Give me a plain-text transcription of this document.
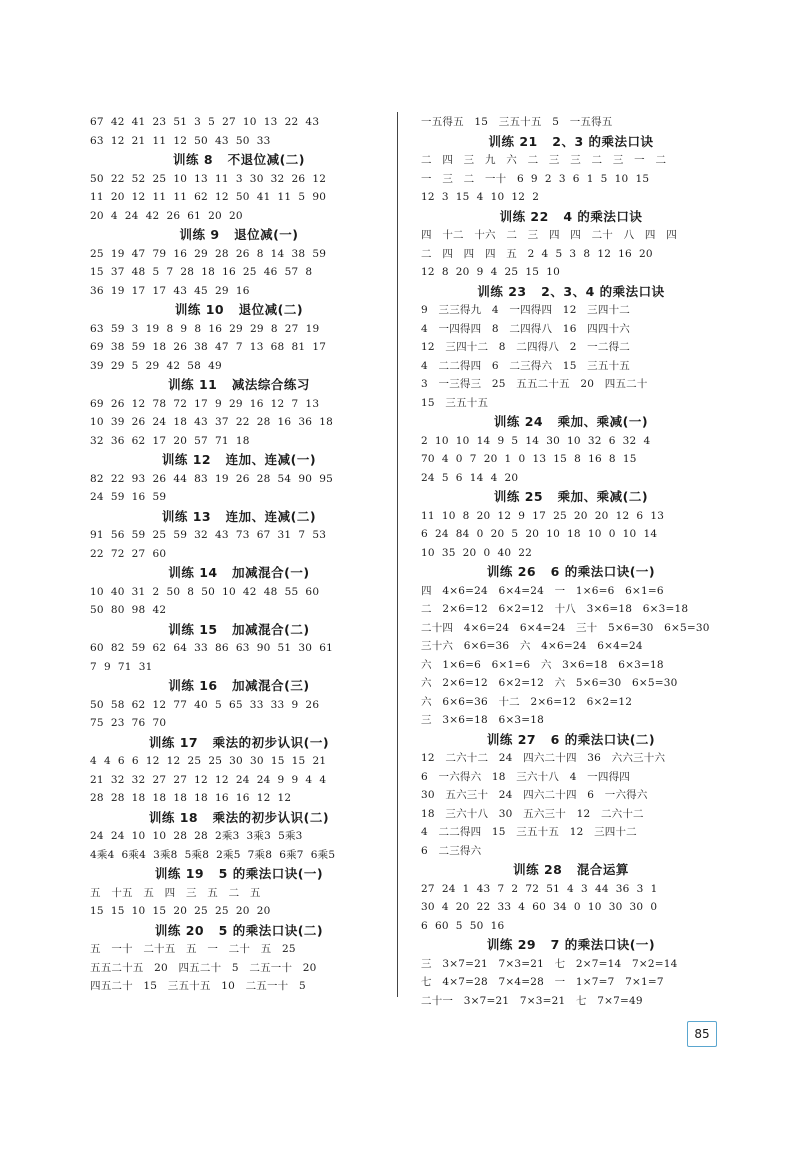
67  42  41  23  51  3  5  27  10  13  22  43
63  12  21  11  12  50  43  50  33
训练 8   不退位减(二)
50  22  52  25  10  13  11  3  30  32  26  12
11  20  12  11  11  62  12  50  41  11  5  90
20  4  24  42  26  61  20  20
训练 9   退位减(一)
25  19  47  79  16  29  28  26  8  14  38  59
15  37  48  5  7  28  18  16  25  46  57  8
36  19  17  17  43  45  29  16
训练 10   退位减(二)
63  59  3  19  8  9  8  16  29  29  8  27  19
69  38  59  18  26  38  47  7  13  68  81  17
39  29  5  29  42  58  49
训练 11   减法综合练习
69  26  12  78  72  17  9  29  16  12  7  13
10  39  26  24  18  43  37  22  28  16  36  18
32  36  62  17  20  57  71  18
训练 12   连加、连减(一)
82  22  93  26  44  83  19  26  28  54  90  95
24  59  16  59
训练 13   连加、连减(二)
91  56  59  25  59  32  43  73  67  31  7  53
22  72  27  60
训练 14   加减混合(一)
10  40  31  2  50  8  50  10  42  48  55  60
50  80  98  42
训练 15   加减混合(二)
60  82  59  62  64  33  86  63  90  51  30  61
7  9  71  31
训练 16   加减混合(三)
50  58  62  12  77  40  5  65  33  33  9  26
75  23  76  70
训练 17   乘法的初步认识(一)
4  4  6  6  12  12  25  25  30  30  15  15  21
21  32  32  27  27  12  12  24  24  9  9  4  4
28  28  18  18  18  18  16  16  12  12
训练 18   乘法的初步认识(二)
24  24  10  10  28  28  2乘3  3乘3  5乘3
4乘4  6乘4  3乘8  5乘8  2乘5  7乘8  6乘7  6乘5
训练 19   5 的乘法口诀(一)
五   十五   五   四   三   五   二   五
15  15  10  15  20  25  25  20  20
训练 20   5 的乘法口诀(二)
五   一十   二十五   五   一   二十   五   25
五五二十五   20   四五二十   5   二五一十   20
四五二十   15   三五十五   10   二五一十   5
一五得五   15   三五十五   5   一五得五
训练 21   2、3 的乘法口诀
二   四   三   九   六   二   三   三   二   三   一   二
一   三   二   一十   6  9  2  3  6  1  5  10  15
12  3  15  4  10  12  2
训练 22   4 的乘法口诀
四   十二   十六   二   三   四   四   二十   八   四   四
二   四   四   四   五   2  4  5  3  8  12  16  20
12  8  20  9  4  25  15  10
训练 23   2、3、4 的乘法口诀
9   三三得九   4   一四得四   12   三四十二
4   一四得四   8   二四得八   16   四四十六
12   三四十二   8   二四得八   2   一二得二
4   二二得四   6   二三得六   15   三五十五
3   一三得三   25   五五二十五   20   四五二十
15   三五十五
训练 24   乘加、乘减(一)
2  10  10  14  9  5  14  30  10  32  6  32  4
70  4  0  7  20  1  0  13  15  8  16  8  15
24  5  6  14  4  20
训练 25   乘加、乘减(二)
11  10  8  20  12  9  17  25  20  20  12  6  13
6  24  84  0  20  5  20  10  18  10  0  10  14
10  35  20  0  40  22
训练 26   6 的乘法口诀(一)
四   4×6=24   6×4=24   一   1×6=6   6×1=6
二   2×6=12   6×2=12   十八   3×6=18   6×3=18
二十四   4×6=24   6×4=24   三十   5×6=30   6×5=30
三十六   6×6=36   六   4×6=24   6×4=24
六   1×6=6   6×1=6   六   3×6=18   6×3=18
六   2×6=12   6×2=12   六   5×6=30   6×5=30
六   6×6=36   十二   2×6=12   6×2=12
三   3×6=18   6×3=18
训练 27   6 的乘法口诀(二)
12   二六十二   24   四六二十四   36   六六三十六
6   一六得六   18   三六十八   4   一四得四
30   五六三十   24   四六二十四   6   一六得六
18   三六十八   30   五六三十   12   二六十二
4   二二得四   15   三五十五   12   三四十二
6   二三得六
训练 28   混合运算
27  24  1  43  7  2  72  51  4  3  44  36  3  1
30  4  20  22  33  4  60  34  0  10  30  30  0
6  60  5  50  16
训练 29   7 的乘法口诀(一)
三   3×7=21   7×3=21   七   2×7=14   7×2=14
七   4×7=28   7×4=28   一   1×7=7   7×1=7
二十一   3×7=21   7×3=21   七   7×7=49
85
